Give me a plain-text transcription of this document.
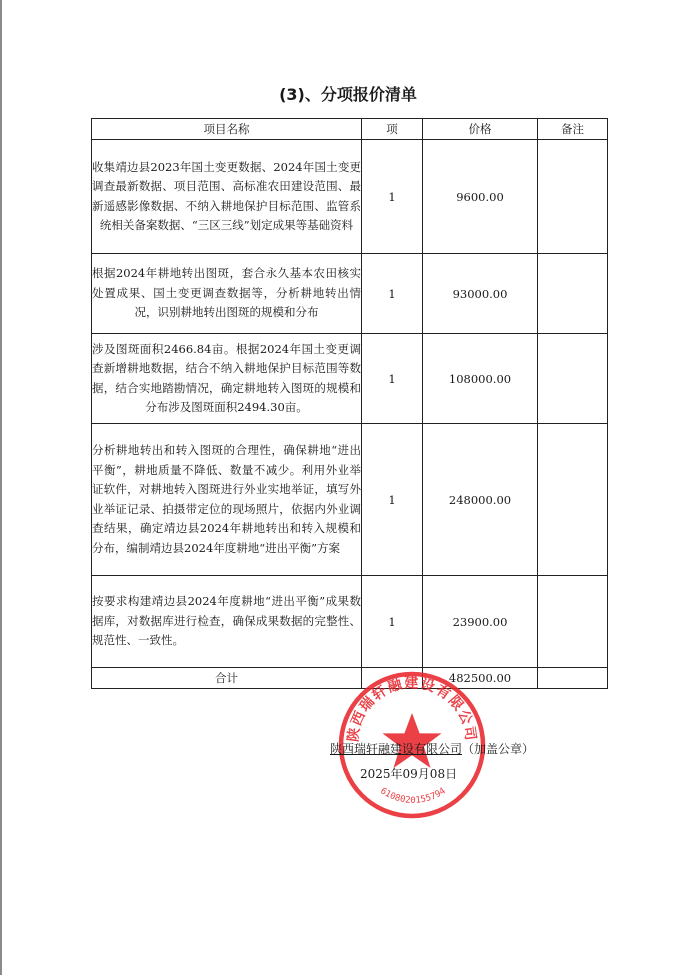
(3)、分项报价清单
项目名称	项	价格	备注
收集靖边县2023年国土变更数据、2024年国土变更调查最新数据、项目范围、高标准农田建设范围、最新遥感影像数据、不纳入耕地保护目标范围、监管系统相关备案数据、“三区三线”划定成果等基础资料	1	9600.00	
根据2024年耕地转出图斑，套合永久基本农田核实处置成果、国土变更调查数据等，分析耕地转出情况，识别耕地转出图斑的规模和分布	1	93000.00	
涉及图斑面积2466.84亩。根据2024年国土变更调查新增耕地数据，结合不纳入耕地保护目标范围等数据，结合实地踏勘情况，确定耕地转入图斑的规模和分布涉及图斑面积2494.30亩。	1	108000.00	
分析耕地转出和转入图斑的合理性，确保耕地“进出平衡”，耕地质量不降低、数量不减少。利用外业举证软件，对耕地转入图斑进行外业实地举证，填写外业举证记录、拍摄带定位的现场照片，依据内外业调查结果，确定靖边县2024年耕地转出和转入规模和分布，编制靖边县2024年度耕地“进出平衡”方案	1	248000.00	
按要求构建靖边县2024年度耕地“进出平衡”成果数据库，对数据库进行检查，确保成果数据的完整性、规范性、一致性。	1	23900.00	
合计		482500.00	
陕西瑞轩融建设有限公司
6108020155794
陕西瑞轩融建设有限公司（加盖公章）
2025年09月08日
